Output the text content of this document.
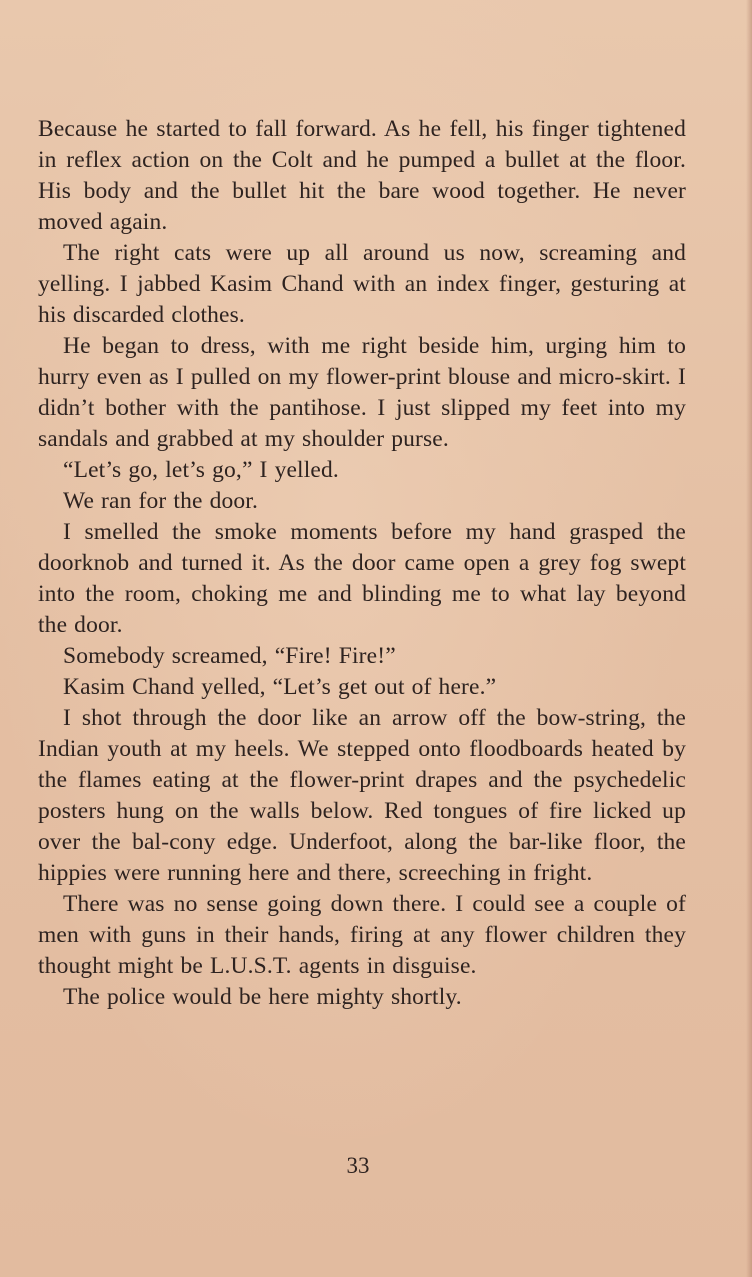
Because he started to fall forward. As he fell, his finger tightened in reflex action on the Colt and he pumped a bullet at the floor. His body and the bullet hit the bare wood together. He never moved again.

The right cats were up all around us now, screaming and yelling. I jabbed Kasim Chand with an index finger, gesturing at his discarded clothes.

He began to dress, with me right beside him, urging him to hurry even as I pulled on my flower-print blouse and micro-skirt. I didn’t bother with the pantihose. I just slipped my feet into my sandals and grabbed at my shoulder purse.

“Let’s go, let’s go,” I yelled.

We ran for the door.

I smelled the smoke moments before my hand grasped the doorknob and turned it. As the door came open a grey fog swept into the room, choking me and blinding me to what lay beyond the door.

Somebody screamed, “Fire! Fire!”

Kasim Chand yelled, “Let’s get out of here.”

I shot through the door like an arrow off the bow-string, the Indian youth at my heels. We stepped onto floodboards heated by the flames eating at the flower-print drapes and the psychedelic posters hung on the walls below. Red tongues of fire licked up over the bal-cony edge. Underfoot, along the bar-like floor, the hippies were running here and there, screeching in fright.

There was no sense going down there. I could see a couple of men with guns in their hands, firing at any flower children they thought might be L.U.S.T. agents in disguise.

The police would be here mighty shortly.

33
